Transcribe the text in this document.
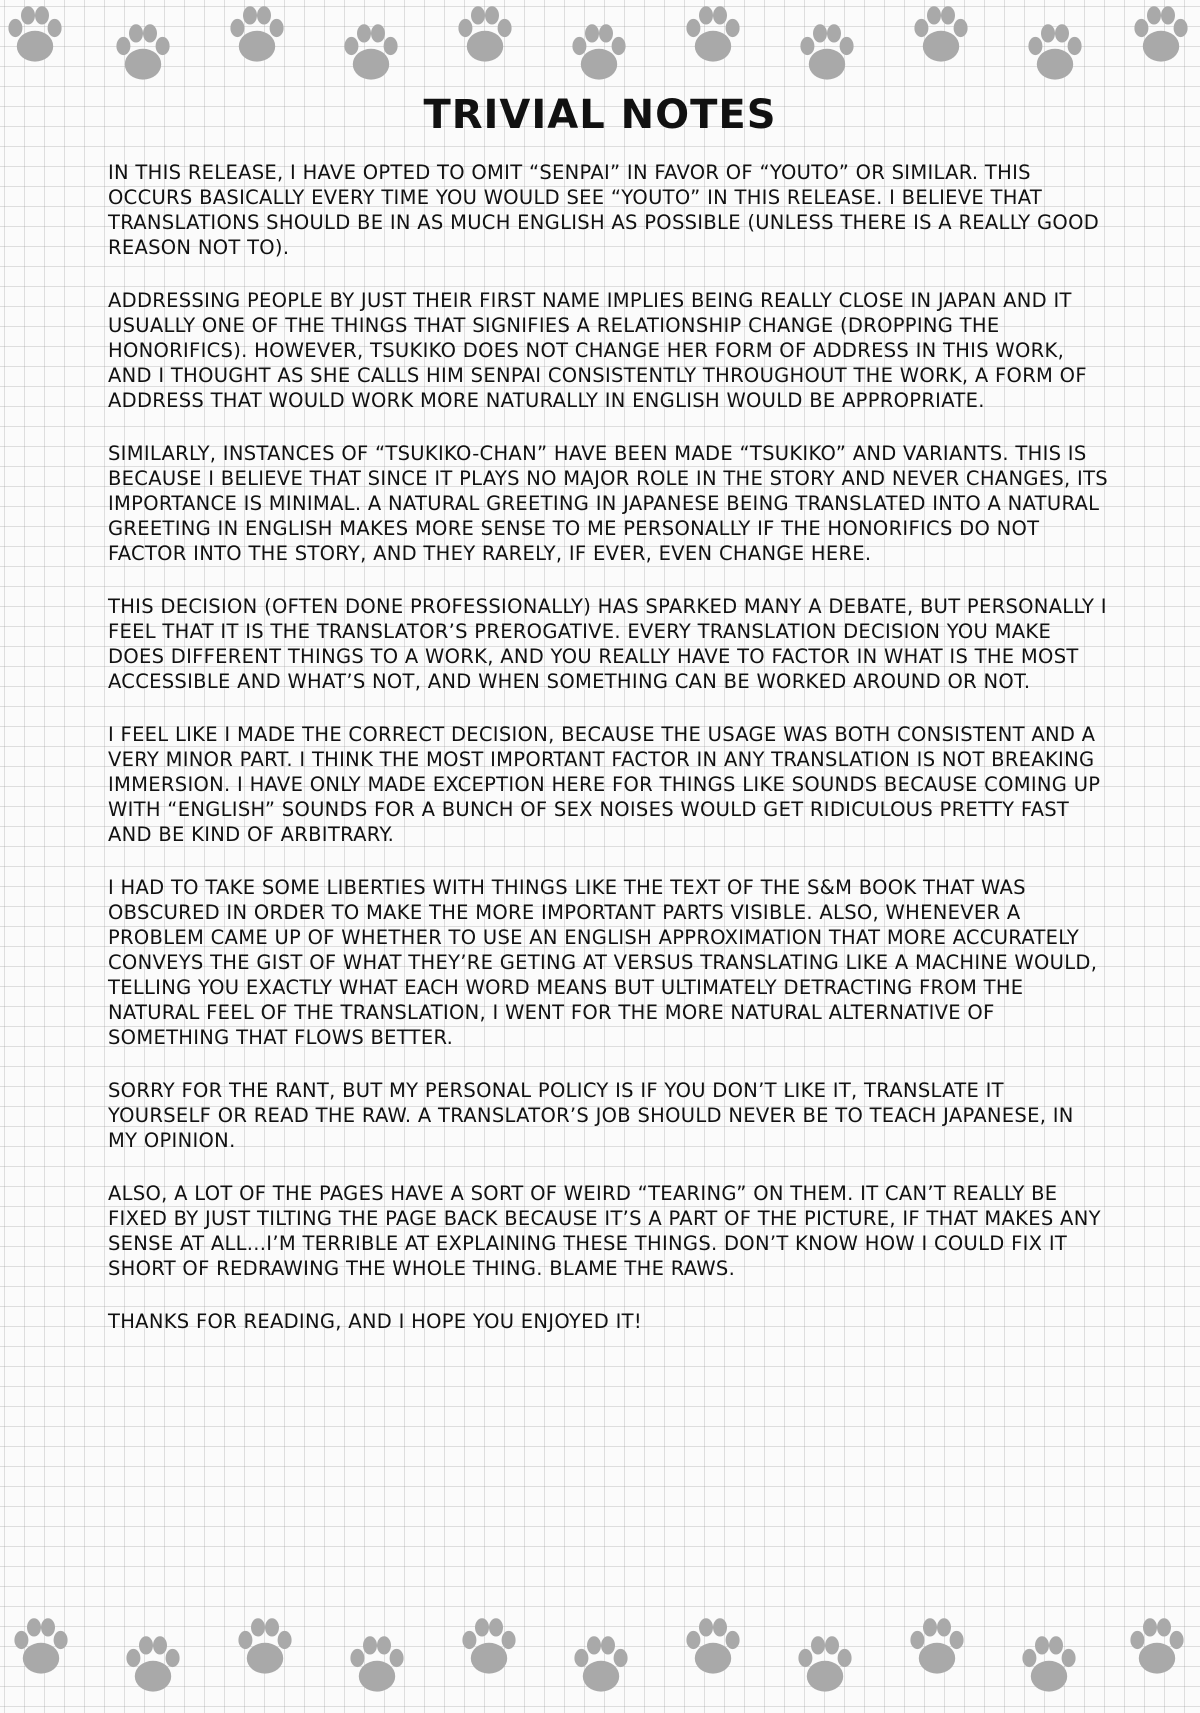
TRIVIAL NOTES

IN THIS RELEASE, I HAVE OPTED TO OMIT “SENPAI” IN FAVOR OF “YOUTO” OR SIMILAR. THIS OCCURS BASICALLY EVERY TIME YOU WOULD SEE “YOUTO” IN THIS RELEASE. I BELIEVE THAT TRANSLATIONS SHOULD BE IN AS MUCH ENGLISH AS POSSIBLE (UNLESS THERE IS A REALLY GOOD REASON NOT TO).

ADDRESSING PEOPLE BY JUST THEIR FIRST NAME IMPLIES BEING REALLY CLOSE IN JAPAN AND IT USUALLY ONE OF THE THINGS THAT SIGNIFIES A RELATIONSHIP CHANGE (DROPPING THE HONORIFICS). HOWEVER, TSUKIKO DOES NOT CHANGE HER FORM OF ADDRESS IN THIS WORK, AND I THOUGHT AS SHE CALLS HIM SENPAI CONSISTENTLY THROUGHOUT THE WORK, A FORM OF ADDRESS THAT WOULD WORK MORE NATURALLY IN ENGLISH WOULD BE APPROPRIATE.

SIMILARLY, INSTANCES OF “TSUKIKO-CHAN” HAVE BEEN MADE “TSUKIKO” AND VARIANTS. THIS IS BECAUSE I BELIEVE THAT SINCE IT PLAYS NO MAJOR ROLE IN THE STORY AND NEVER CHANGES, ITS IMPORTANCE IS MINIMAL. A NATURAL GREETING IN JAPANESE BEING TRANSLATED INTO A NATURAL GREETING IN ENGLISH MAKES MORE SENSE TO ME PERSONALLY IF THE HONORIFICS DO NOT FACTOR INTO THE STORY, AND THEY RARELY, IF EVER, EVEN CHANGE HERE.

THIS DECISION (OFTEN DONE PROFESSIONALLY) HAS SPARKED MANY A DEBATE, BUT PERSONALLY I FEEL THAT IT IS THE TRANSLATOR’S PREROGATIVE. EVERY TRANSLATION DECISION YOU MAKE DOES DIFFERENT THINGS TO A WORK, AND YOU REALLY HAVE TO FACTOR IN WHAT IS THE MOST ACCESSIBLE AND WHAT’S NOT, AND WHEN SOMETHING CAN BE WORKED AROUND OR NOT.

I FEEL LIKE I MADE THE CORRECT DECISION, BECAUSE THE USAGE WAS BOTH CONSISTENT AND A VERY MINOR PART. I THINK THE MOST IMPORTANT FACTOR IN ANY TRANSLATION IS NOT BREAKING IMMERSION. I HAVE ONLY MADE EXCEPTION HERE FOR THINGS LIKE SOUNDS BECAUSE COMING UP WITH “ENGLISH” SOUNDS FOR A BUNCH OF SEX NOISES WOULD GET RIDICULOUS PRETTY FAST AND BE KIND OF ARBITRARY.

I HAD TO TAKE SOME LIBERTIES WITH THINGS LIKE THE TEXT OF THE S&M BOOK THAT WAS OBSCURED IN ORDER TO MAKE THE MORE IMPORTANT PARTS VISIBLE. ALSO, WHENEVER A PROBLEM CAME UP OF WHETHER TO USE AN ENGLISH APPROXIMATION THAT MORE ACCURATELY CONVEYS THE GIST OF WHAT THEY’RE GETING AT VERSUS TRANSLATING LIKE A MACHINE WOULD, TELLING YOU EXACTLY WHAT EACH WORD MEANS BUT ULTIMATELY DETRACTING FROM THE NATURAL FEEL OF THE TRANSLATION, I WENT FOR THE MORE NATURAL ALTERNATIVE OF SOMETHING THAT FLOWS BETTER.

SORRY FOR THE RANT, BUT MY PERSONAL POLICY IS IF YOU DON’T LIKE IT, TRANSLATE IT YOURSELF OR READ THE RAW. A TRANSLATOR’S JOB SHOULD NEVER BE TO TEACH JAPANESE, IN MY OPINION.

ALSO, A LOT OF THE PAGES HAVE A SORT OF WEIRD “TEARING” ON THEM. IT CAN’T REALLY BE FIXED BY JUST TILTING THE PAGE BACK BECAUSE IT’S A PART OF THE PICTURE, IF THAT MAKES ANY SENSE AT ALL...I’M TERRIBLE AT EXPLAINING THESE THINGS. DON’T KNOW HOW I COULD FIX IT SHORT OF REDRAWING THE WHOLE THING. BLAME THE RAWS.

THANKS FOR READING, AND I HOPE YOU ENJOYED IT!
